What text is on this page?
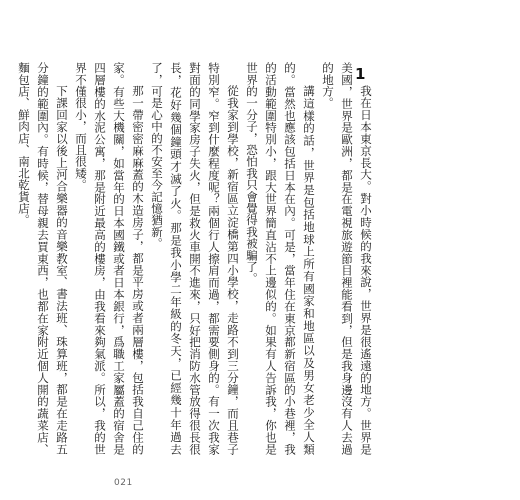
1

我在日本東京長大。對小時候的我來說，世界是很遙遠的地方。世界是美國，世界是歐洲，都是在電視旅遊節目裡能看到，但是我身邊沒有人去過的地方。

講這樣的話，世界是包括地球上所有國家和地區以及男女老少全人類的。當然也應該包括日本在內。可是，當年住在東京都新宿區的小巷裡，我的活動範圍特別小，跟大世界簡直沾不上邊似的。如果有人告訴我，你也是世界的一分子，恐怕我只會覺得我被騙了。

從我家到學校，新宿區立淀橋第四小學校，走路不到三分鐘，而且巷子特別窄。窄到什麼程度呢？兩個行人擦肩而過，都需要側身的。有一次我家對面的同學家房子失火，但是救火車開不進來，只好把消防水管放得很長很長，花好幾個鐘頭才滅了火。那是我小學二年級的冬天，已經幾十年過去了，可是心中的不安至今記憶猶新。

那一帶密密麻麻蓋的木造房子，都是平房或者兩層樓，包括我自己住的家。有些大機關，如當年的日本國鐵或者日本銀行，爲職工家屬蓋的宿舍是四層樓的水泥公寓，那是附近最高的樓房，由我看來夠氣派。所以，我的世界不僅很小，而且很矮。

下課回家以後上河合樂器的音樂教室、書法班、珠算班，都是在走路五分鐘的範圍內。有時候，替母親去買東西，也都在家附近個人開的蔬菜店、麵包店、鮮肉店、南北乾貨店。

021
